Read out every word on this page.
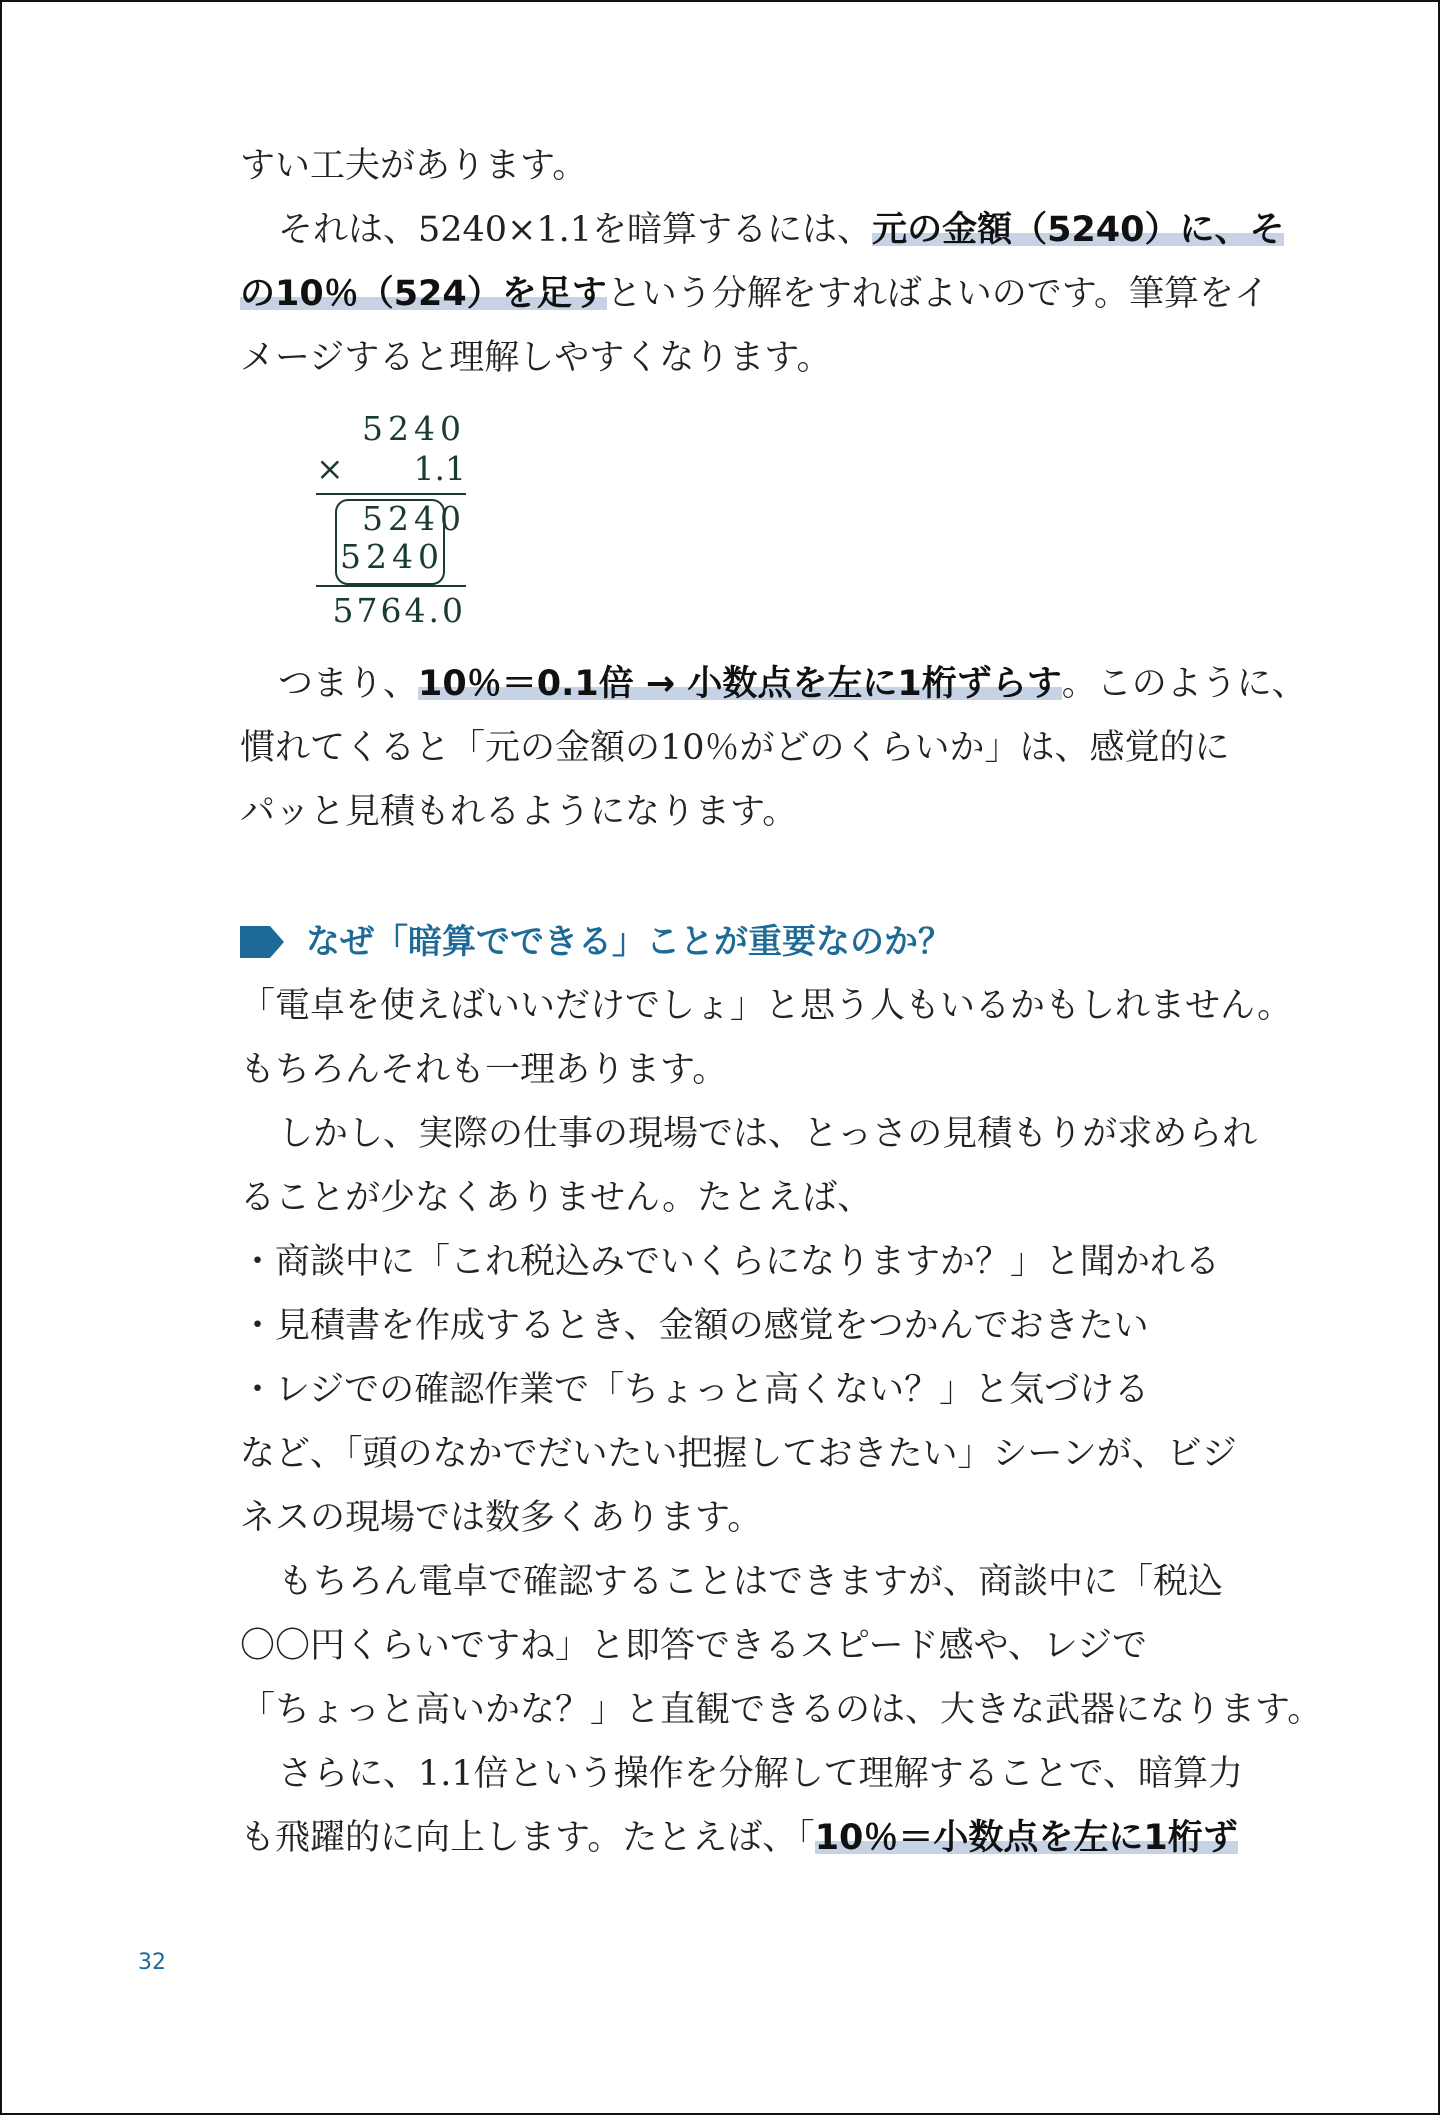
すい工夫があります。
それは、5240×1.1を暗算するには、元の金額（5240）に、そ
の10％（524）を足すという分解をすればよいのです。筆算をイ
メージすると理解しやすくなります。
5240
× 1.1
5240
5240
5764.0
つまり、10％＝0.1倍 → 小数点を左に1桁ずらす。このように、
慣れてくると「元の金額の10％がどのくらいか」は、感覚的に
パッと見積もれるようになります。
なぜ「暗算でできる」ことが重要なのか？
「電卓を使えばいいだけでしょ」と思う人もいるかもしれません。
もちろんそれも一理あります。
しかし、実際の仕事の現場では、とっさの見積もりが求められ
ることが少なくありません。たとえば、
・商談中に「これ税込みでいくらになりますか？」と聞かれる
・見積書を作成するとき、金額の感覚をつかんでおきたい
・レジでの確認作業で「ちょっと高くない？」と気づける
など、「頭のなかでだいたい把握しておきたい」シーンが、ビジ
ネスの現場では数多くあります。
もちろん電卓で確認することはできますが、商談中に「税込
〇〇円くらいですね」と即答できるスピード感や、レジで
「ちょっと高いかな？」と直観できるのは、大きな武器になります。
さらに、1.1倍という操作を分解して理解することで、暗算力
も飛躍的に向上します。たとえば、「10％＝小数点を左に1桁ず
32
